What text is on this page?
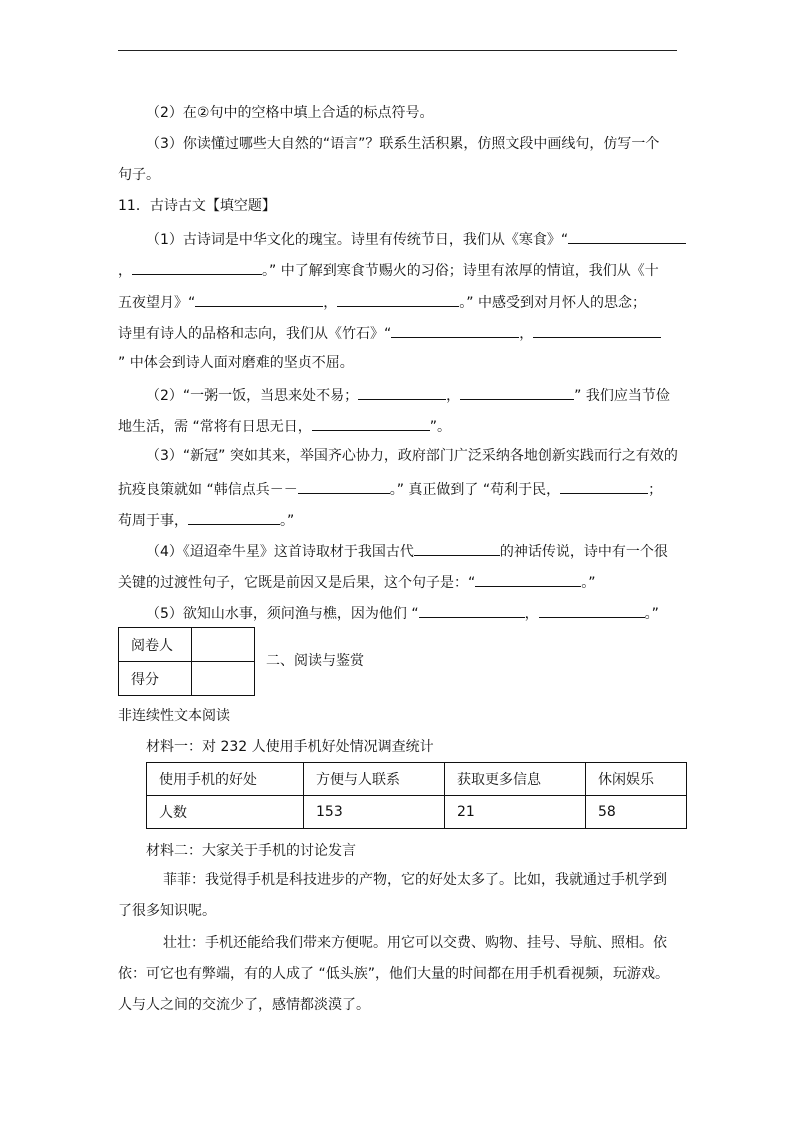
（2）在②句中的空格中填上合适的标点符号。
（3）你读懂过哪些大自然的“语言”？联系生活积累，仿照文段中画线句，仿写一个
句子。
11．古诗古文【填空题】
（1）古诗词是中华文化的瑰宝。诗里有传统节日，我们从《寒食》“
，	。” 中了解到寒食节赐火的习俗；诗里有浓厚的情谊，我们从《十
五夜望月》“	，	。” 中感受到对月怀人的思念；
诗里有诗人的品格和志向，我们从《竹石》“	，
” 中体会到诗人面对磨难的坚贞不屈。
（2）“一粥一饭，当思来处不易；	，	” 我们应当节俭
地生活，需 “常将有日思无日，	”。
（3）“新冠” 突如其来，举国齐心协力，政府部门广泛采纳各地创新实践而行之有效的
抗疫良策就如 “韩信点兵－－	。” 真正做到了 “苟利于民，	；
苟周于事，	。”
（4）《迢迢牵牛星》这首诗取材于我国古代	的神话传说，诗中有一个很
关键的过渡性句子，它既是前因又是后果，这个句子是：“	。”
（5）欲知山水事，须问渔与樵，因为他们 “	，	。”
阅卷人	
得分	
二、阅读与鉴赏
非连续性文本阅读
材料一：对 232 人使用手机好处情况调查统计
使用手机的好处	方便与人联系	获取更多信息	休闲娱乐
人数	153	21	58
材料二：大家关于手机的讨论发言
菲菲：我觉得手机是科技进步的产物，它的好处太多了。比如，我就通过手机学到
了很多知识呢。
壮壮：手机还能给我们带来方便呢。用它可以交费、购物、挂号、导航、照相。依
依：可它也有弊端，有的人成了 “低头族”，他们大量的时间都在用手机看视频，玩游戏。
人与人之间的交流少了，感情都淡漠了。
